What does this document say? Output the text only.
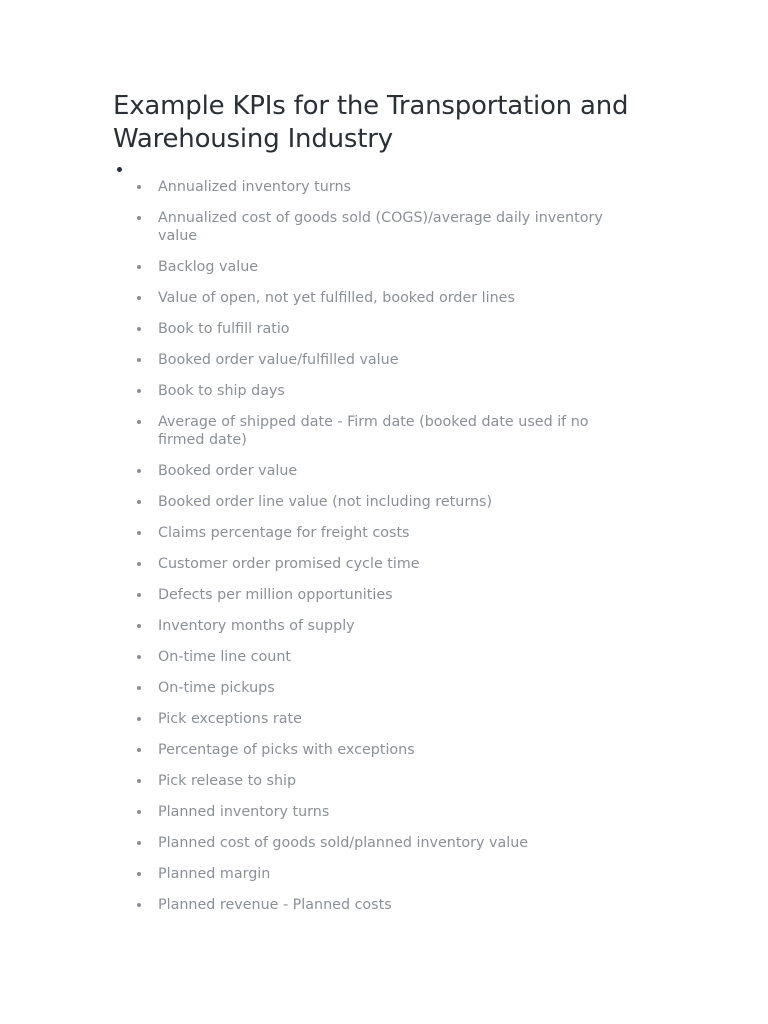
Example KPIs for the Transportation and Warehousing Industry
Annualized inventory turns
Annualized cost of goods sold (COGS)/average daily inventory value
Backlog value
Value of open, not yet fulfilled, booked order lines
Book to fulfill ratio
Booked order value/fulfilled value
Book to ship days
Average of shipped date - Firm date (booked date used if no firmed date)
Booked order value
Booked order line value (not including returns)
Claims percentage for freight costs
Customer order promised cycle time
Defects per million opportunities
Inventory months of supply
On-time line count
On-time pickups
Pick exceptions rate
Percentage of picks with exceptions
Pick release to ship
Planned inventory turns
Planned cost of goods sold/planned inventory value
Planned margin
Planned revenue - Planned costs
